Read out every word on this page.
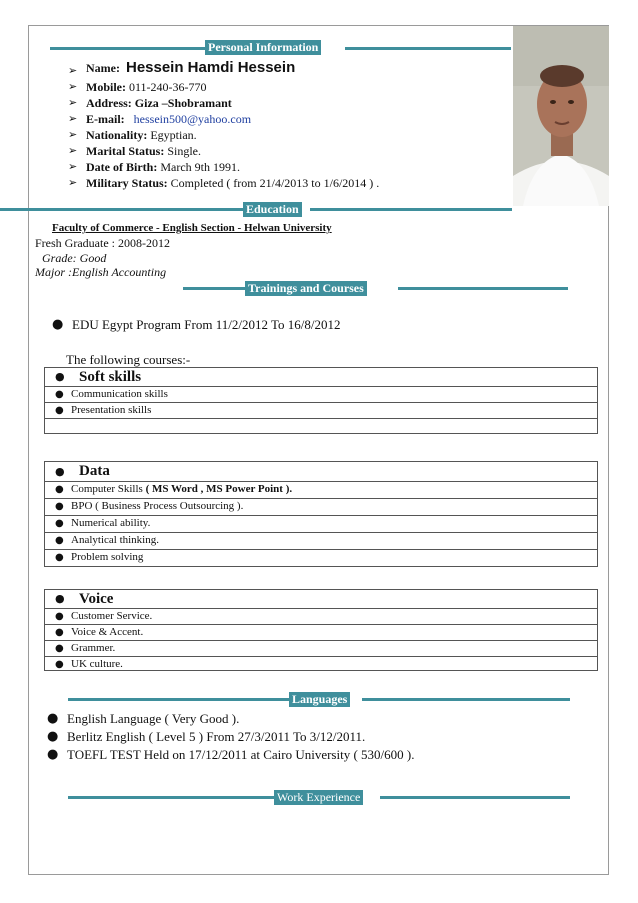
Personal Information
➢ Name: Hessein Hamdi Hessein
➢ Mobile: 011-240-36-770
➢ Address: Giza –Shobramant
➢ E-mail: hessein500@yahoo.com
➢ Nationality: Egyptian.
➢ Marital Status: Single.
➢ Date of Birth: March 9th 1991.
➢ Military Status: Completed ( from 21/4/2013 to 1/6/2014 ) .
Education
Faculty of Commerce - English Section - Helwan University
Fresh Graduate : 2008-2012
Grade: Good
Major :English Accounting
Trainings and Courses
● EDU Egypt Program From 11/2/2012 To 16/8/2012
The following courses:-
● Soft skills
● Communication skills
● Presentation skills
● Data
● Computer Skills ( MS Word , MS Power Point ).
● BPO ( Business Process Outsourcing ).
● Numerical ability.
● Analytical thinking.
● Problem solving
● Voice
● Customer Service.
● Voice & Accent.
● Grammer.
● UK culture.
Languages
● English Language ( Very Good ).
● Berlitz English ( Level 5 ) From 27/3/2011 To 3/12/2011.
● TOEFL TEST Held on 17/12/2011 at Cairo University ( 530/600 ).
Work Experience
